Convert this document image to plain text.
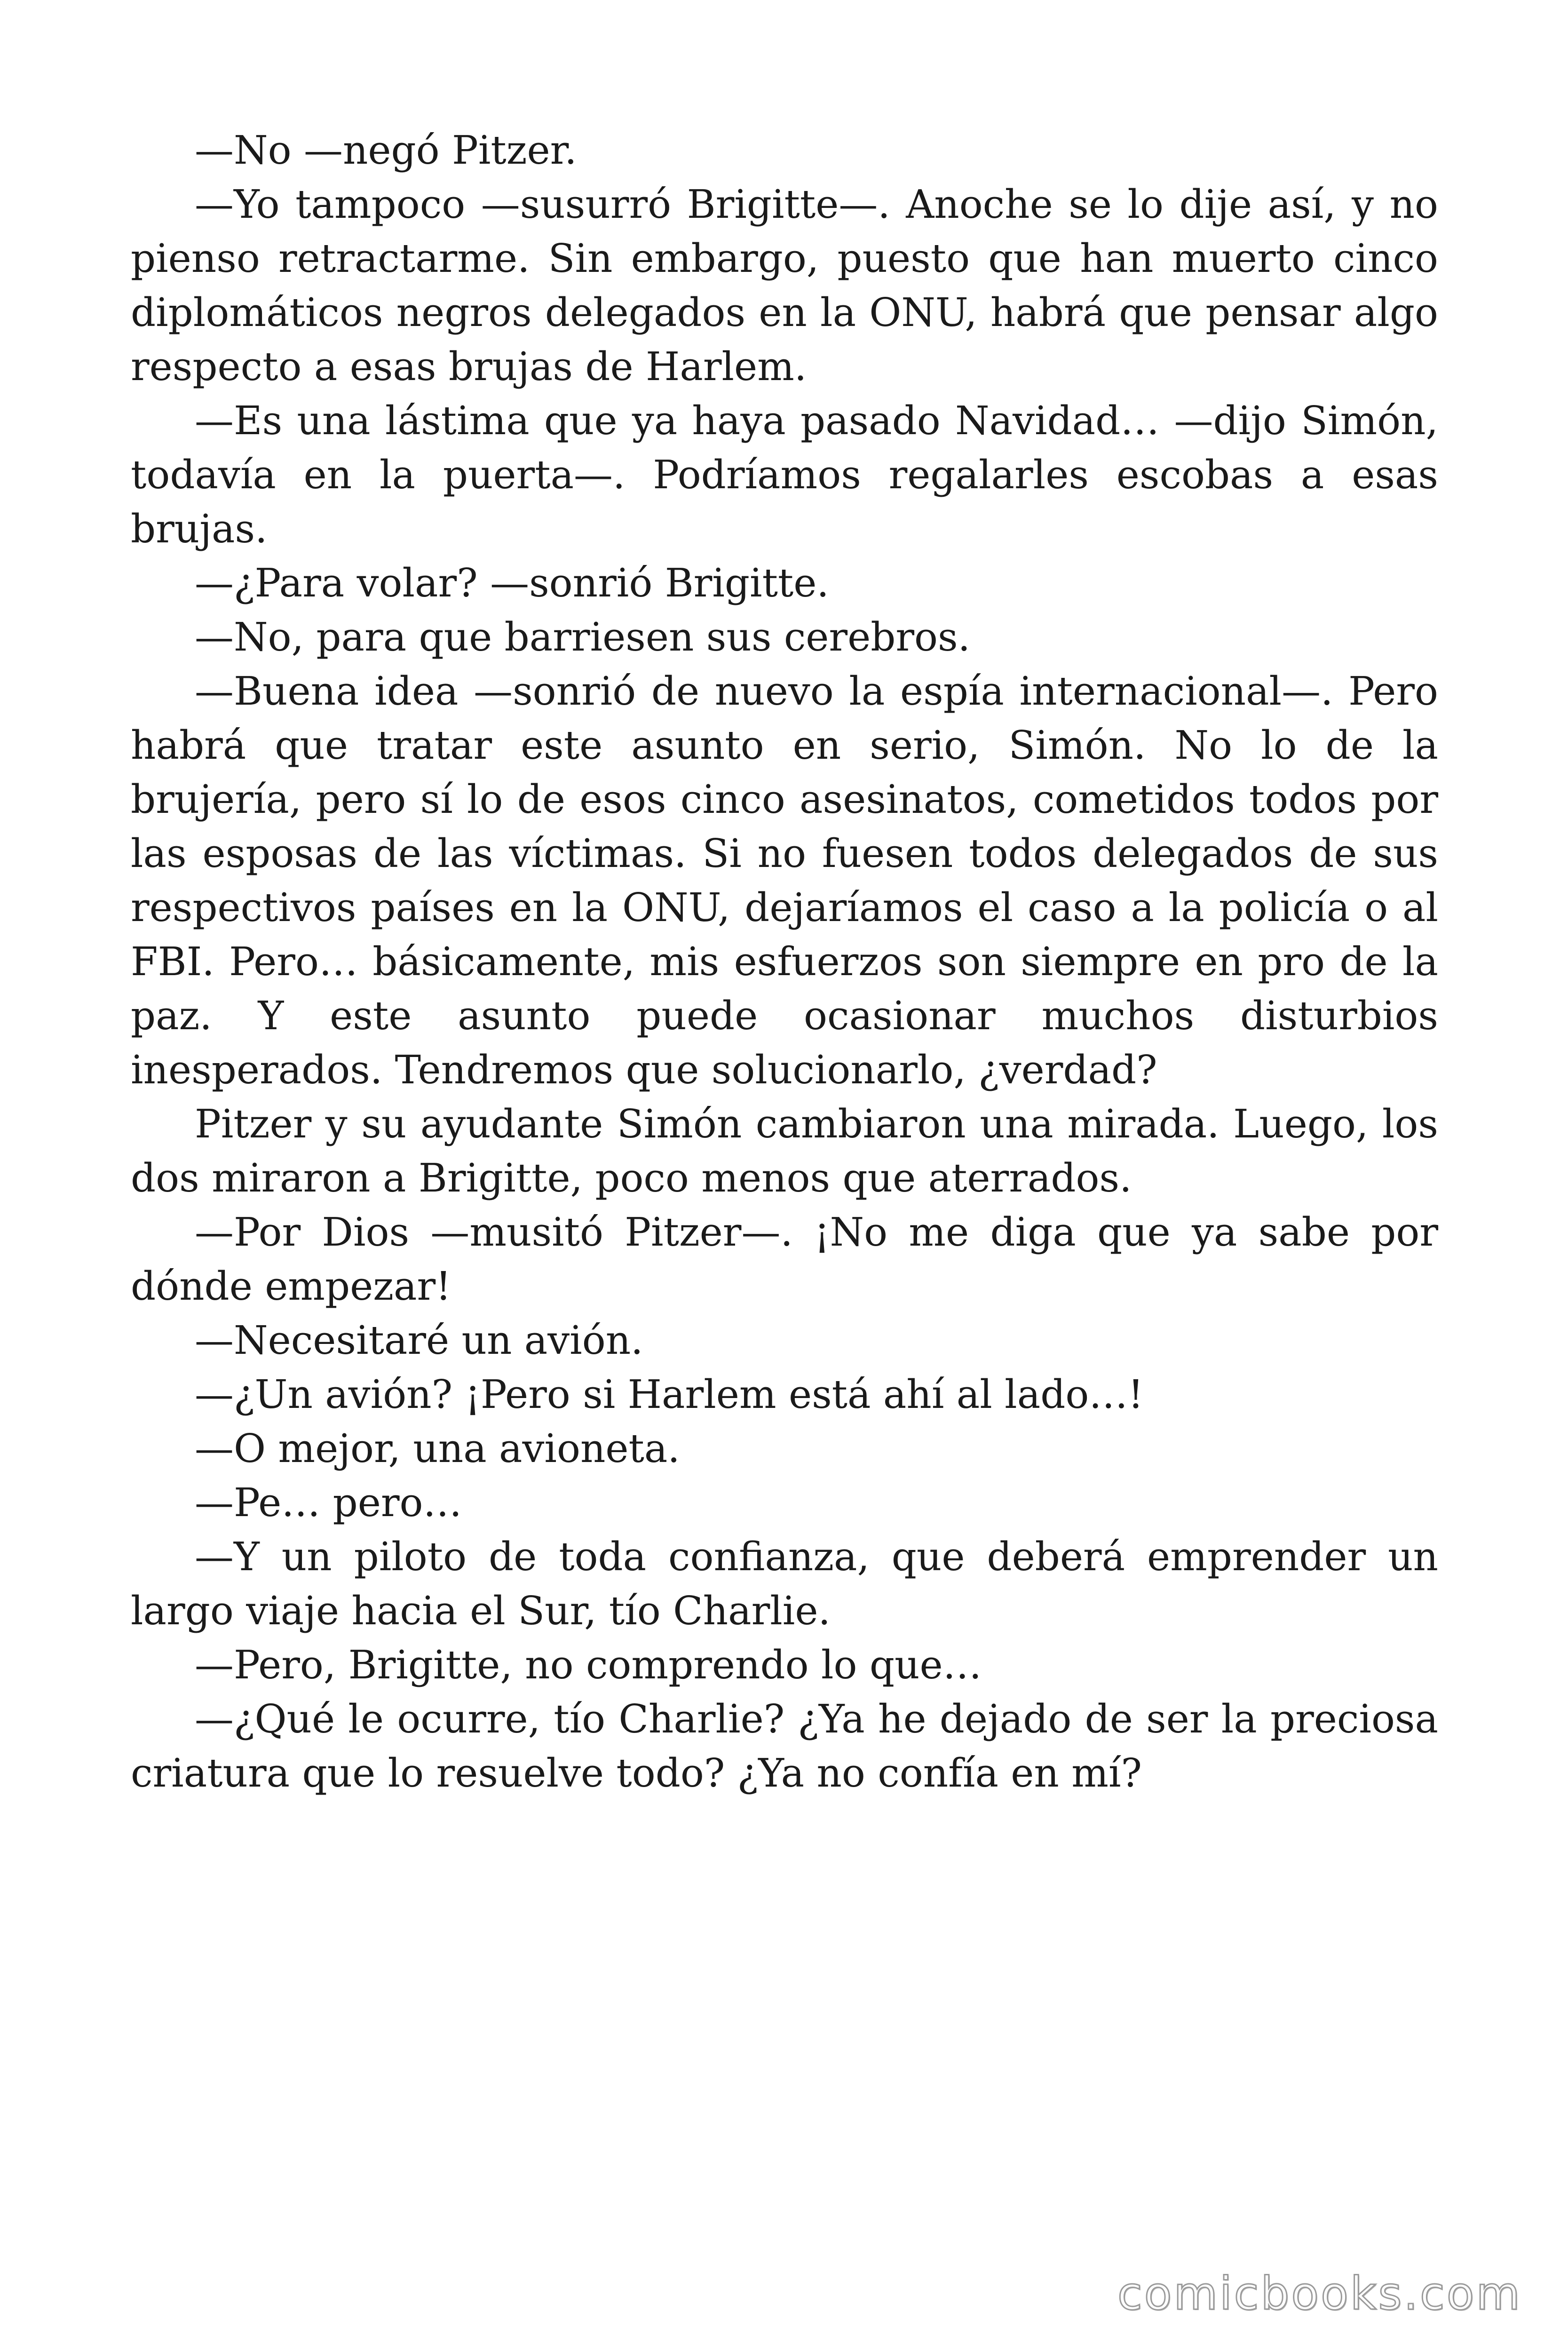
—No —negó Pitzer.

—Yo tampoco —susurró Brigitte—. Anoche se lo dije así, y no pienso retractarme. Sin embargo, puesto que han muerto cinco diplomáticos negros delegados en la ONU, habrá que pensar algo respecto a esas brujas de Harlem.

—Es una lástima que ya haya pasado Navidad… —dijo Simón, todavía en la puerta—. Podríamos regalarles escobas a esas brujas.

—¿Para volar? —sonrió Brigitte.

—No, para que barriesen sus cerebros.

—Buena idea —sonrió de nuevo la espía internacional—. Pero habrá que tratar este asunto en serio, Simón. No lo de la brujería, pero sí lo de esos cinco asesinatos, cometidos todos por las esposas de las víctimas. Si no fuesen todos delegados de sus respectivos países en la ONU, dejaríamos el caso a la policía o al FBI. Pero… básicamente, mis esfuerzos son siempre en pro de la paz. Y este asunto puede ocasionar muchos disturbios inesperados. Tendremos que solucionarlo, ¿verdad?

Pitzer y su ayudante Simón cambiaron una mirada. Luego, los dos miraron a Brigitte, poco menos que aterrados.

—Por Dios —musitó Pitzer—. ¡No me diga que ya sabe por dónde empezar!

—Necesitaré un avión.

—¿Un avión? ¡Pero si Harlem está ahí al lado…!

—O mejor, una avioneta.

—Pe… pero…

—Y un piloto de toda confianza, que deberá emprender un largo viaje hacia el Sur, tío Charlie.

—Pero, Brigitte, no comprendo lo que…

—¿Qué le ocurre, tío Charlie? ¿Ya he dejado de ser la preciosa criatura que lo resuelve todo? ¿Ya no confía en mí?

comicbooks.com
